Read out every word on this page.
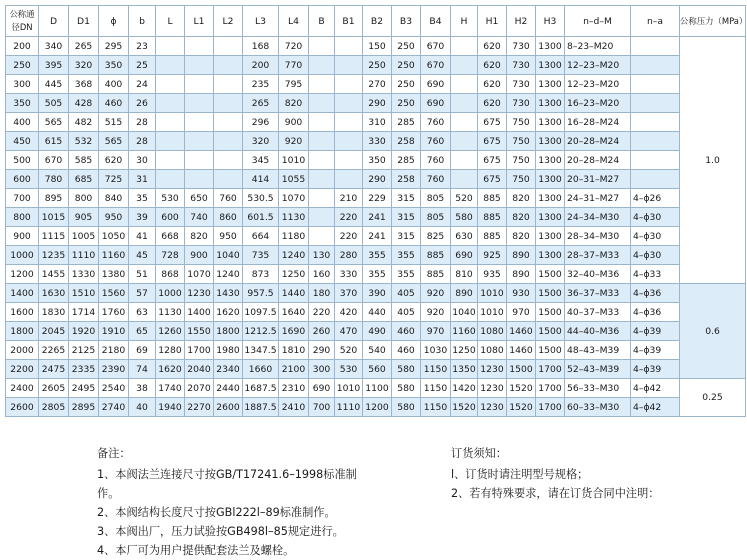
公称通径DN	D	D1	ϕ	b	L	L1	L2	L3	L4	B	B1	B2	B3	B4	H	H1	H2	H3	n–d–M	n–a	公称压力（MPa）
200	340	265	295	23				168	720			150	250	670		620	730	1300	8–23–M20		1.0
250	395	320	350	25				200	770			250	250	670		620	730	1300	12–23–M20		
300	445	368	400	24				235	795			270	250	690		620	730	1300	12–23–M20		
350	505	428	460	26				265	820			290	250	690		620	730	1300	16–23–M20		
400	565	482	515	28				296	900			310	285	760		675	750	1300	16–28–M24		
450	615	532	565	28				320	920			330	258	760		675	750	1300	20–28–M24		
500	670	585	620	30				345	1010			350	285	760		675	750	1300	20–28–M24		
600	780	685	725	31				414	1055			290	258	760		675	750	1300	20–31–M27		
700	895	800	840	35	530	650	760	530.5	1070		210	229	315	805	520	885	820	1300	24–31–M27	4–ϕ26	
800	1015	905	950	39	600	740	860	601.5	1130		220	241	315	805	580	885	820	1300	24–34–M30	4–ϕ30	
900	1115	1005	1050	41	668	820	950	664	1180		220	241	315	825	630	885	820	1300	28–34–M30	4–ϕ30	
1000	1235	1110	1160	45	728	900	1040	735	1240	130	280	355	355	885	690	925	890	1300	28–37–M33	4–ϕ30	
1200	1455	1330	1380	51	868	1070	1240	873	1250	160	330	355	355	885	810	935	890	1500	32–40–M36	4–ϕ33	
1400	1630	1510	1560	57	1000	1230	1430	957.5	1440	180	370	390	405	920	890	1010	930	1500	36–37–M33	4–ϕ36	0.6
1600	1830	1714	1760	63	1130	1400	1620	1097.5	1640	220	420	440	405	920	1040	1010	970	1500	40–37–M33	4–ϕ36	
1800	2045	1920	1910	65	1260	1550	1800	1212.5	1690	260	470	490	460	970	1160	1080	1460	1500	44–40–M36	4–ϕ39	
2000	2265	2125	2180	69	1280	1700	1980	1347.5	1810	290	520	540	460	1030	1250	1080	1460	1500	48–43–M39	4–ϕ39	
2200	2475	2335	2390	74	1620	2040	2340	1660	2100	300	530	560	580	1150	1350	1230	1500	1700	52–43–M39	4–ϕ39	
2400	2605	2495	2540	38	1740	2070	2440	1687.5	2310	690	1010	1100	580	1150	1420	1230	1520	1700	56–33–M30	4–ϕ42	0.25
2600	2805	2895	2740	40	1940	2270	2600	1887.5	2410	700	1110	1200	580	1150	1520	1230	1520	1700	60–33–M30	4–ϕ42	
备注：
1、本阀法兰连接尺寸按GB/T17241.6–1998标准制
作。
2、本阀结构长度尺寸按GBl222l–89标准制作。
3、本阀出厂，压力试验按GB498l–85规定进行。
4、本厂可为用户提供配套法兰及螺栓。
订货须知：
l、订货时请注明型号规格；
2、若有特殊要求，请在订货合同中注明：
